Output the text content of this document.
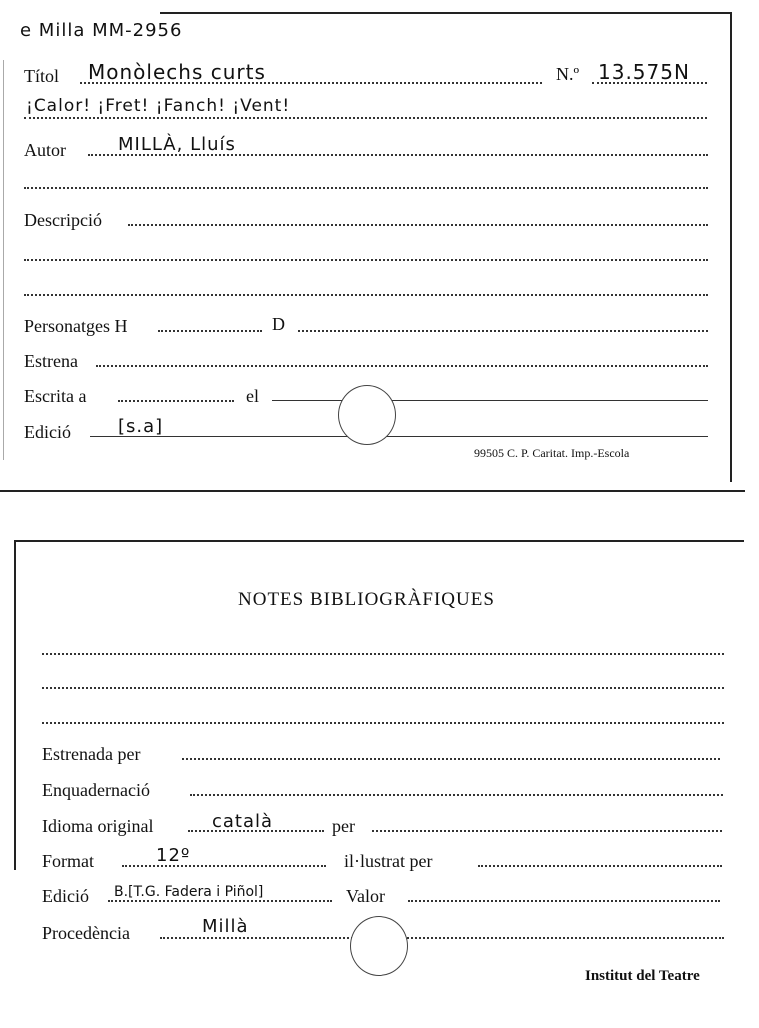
e Milla MM-2956
Títol Monòlechs curts	N.º 13.575N
¡Calor! ¡Fret! ¡Fanch! ¡Vent!
Autor	MILLÀ, Lluís
Descripció
Personatges H	D
Estrena
Escrita a	el
Edició	[s.a]
99505 C. P. Caritat. Imp.-Escola
NOTES BIBLIOGRÀFIQUES
Estrenada per
Enquadernació
Idioma original	català	per
Format	12º	il·lustrat per
Edició B.[T.G. Fadera i Piñol]	Valor
Procedència	Millà
Institut del Teatre
